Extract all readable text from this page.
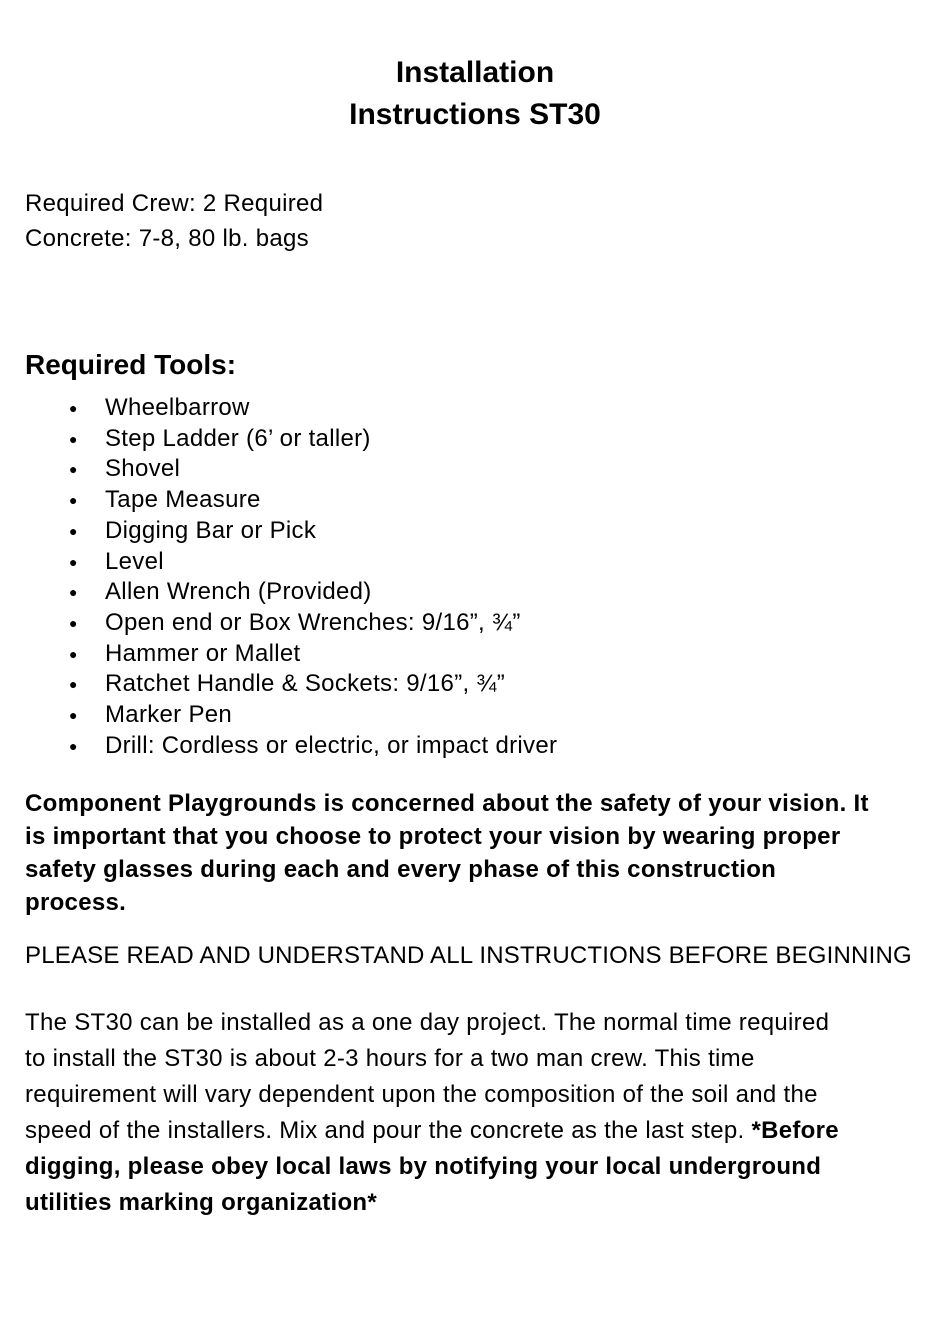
Installation
Instructions ST30
Required Crew: 2 Required
Concrete: 7-8, 80 lb. bags
Required Tools:
● Wheelbarrow
● Step Ladder (6’ or taller)
● Shovel
● Tape Measure
● Digging Bar or Pick
● Level
● Allen Wrench (Provided)
● Open end or Box Wrenches: 9/16”, ¾”
● Hammer or Mallet
● Ratchet Handle & Sockets: 9/16”, ¾”
● Marker Pen
● Drill: Cordless or electric, or impact driver
Component Playgrounds is concerned about the safety of your vision. It
is important that you choose to protect your vision by wearing proper
safety glasses during each and every phase of this construction
process.

PLEASE READ AND UNDERSTAND ALL INSTRUCTIONS BEFORE BEGINNING

The ST30 can be installed as a one day project. The normal time required
to install the ST30 is about 2-3 hours for a two man crew. This time
requirement will vary dependent upon the composition of the soil and the
speed of the installers. Mix and pour the concrete as the last step. *Before
digging, please obey local laws by notifying your local underground
utilities marking organization*
